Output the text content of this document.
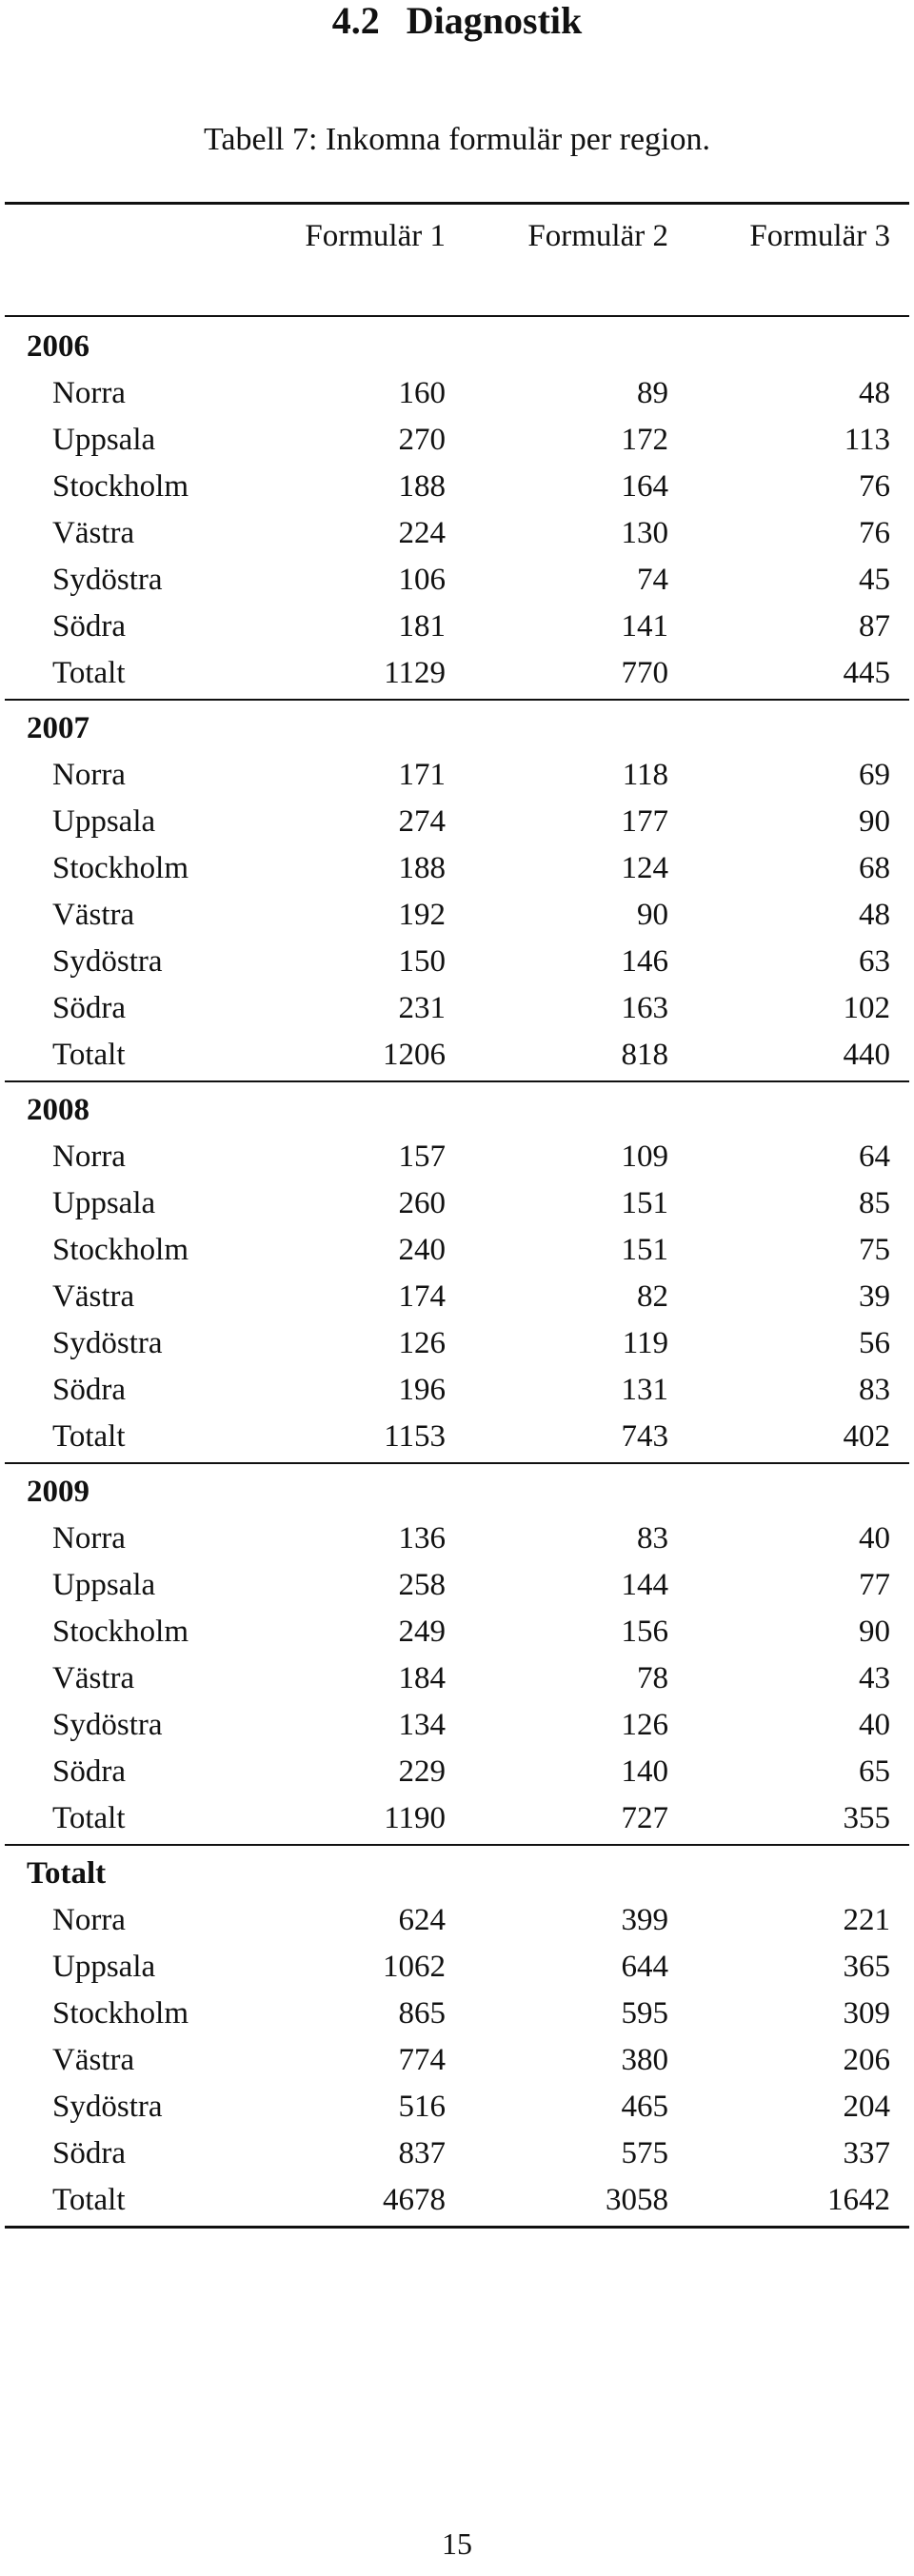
4.2 Diagnostik
Tabell 7: Inkomna formulär per region.
Formulär 1	Formulär 2	Formulär 3
2006
Norra	160	89	48
Uppsala	270	172	113
Stockholm	188	164	76
Västra	224	130	76
Sydöstra	106	74	45
Södra	181	141	87
Totalt	1129	770	445
2007
Norra	171	118	69
Uppsala	274	177	90
Stockholm	188	124	68
Västra	192	90	48
Sydöstra	150	146	63
Södra	231	163	102
Totalt	1206	818	440
2008
Norra	157	109	64
Uppsala	260	151	85
Stockholm	240	151	75
Västra	174	82	39
Sydöstra	126	119	56
Södra	196	131	83
Totalt	1153	743	402
2009
Norra	136	83	40
Uppsala	258	144	77
Stockholm	249	156	90
Västra	184	78	43
Sydöstra	134	126	40
Södra	229	140	65
Totalt	1190	727	355
Totalt
Norra	624	399	221
Uppsala	1062	644	365
Stockholm	865	595	309
Västra	774	380	206
Sydöstra	516	465	204
Södra	837	575	337
Totalt	4678	3058	1642
15
